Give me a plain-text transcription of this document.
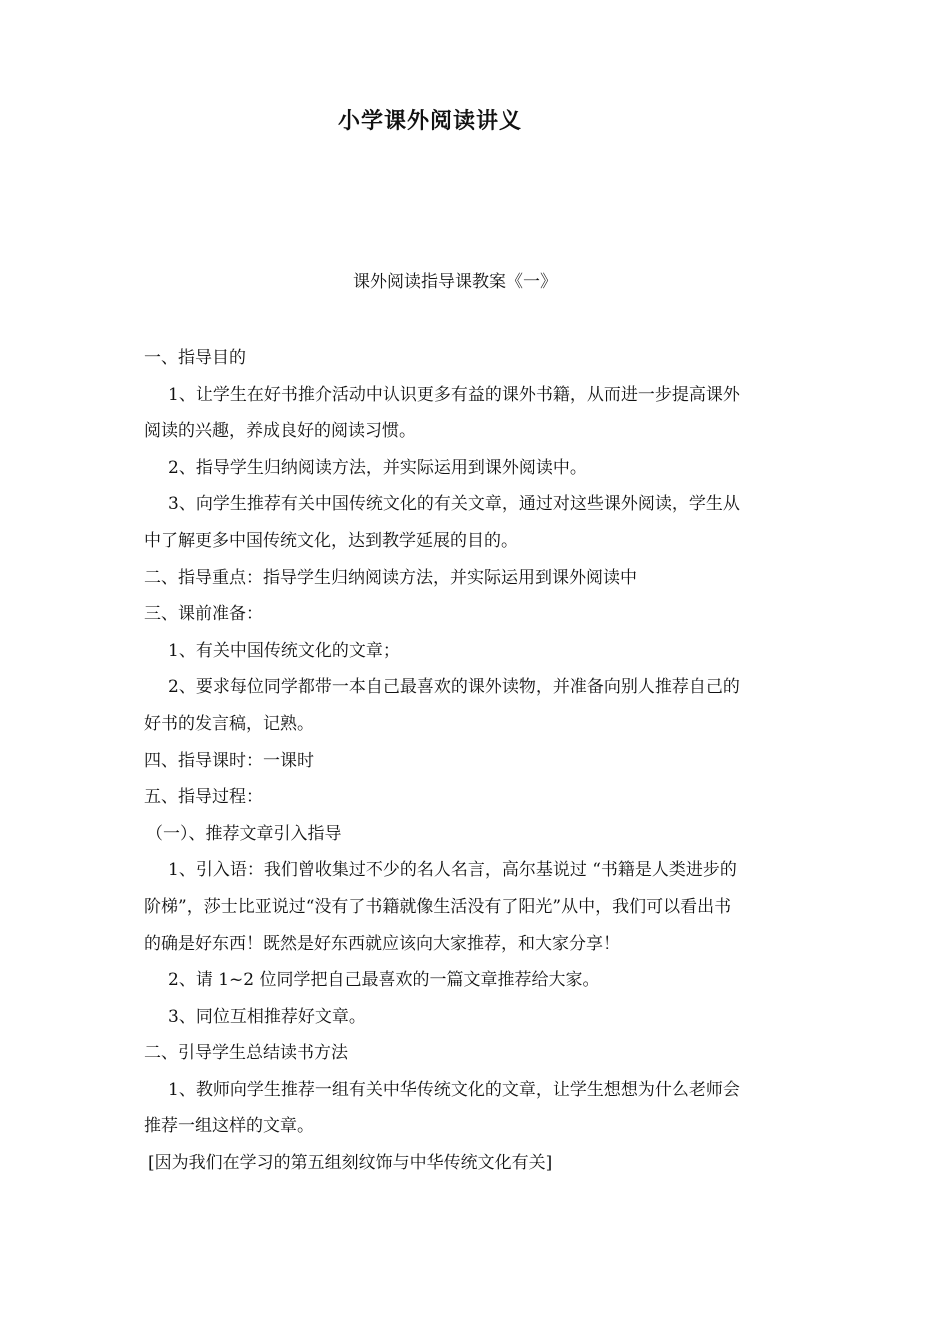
小学课外阅读讲义

课外阅读指导课教案《一》

一、指导目的
1、让学生在好书推介活动中认识更多有益的课外书籍，从而进一步提高课外
阅读的兴趣，养成良好的阅读习惯。
2、指导学生归纳阅读方法，并实际运用到课外阅读中。
3、向学生推荐有关中国传统文化的有关文章，通过对这些课外阅读，学生从
中了解更多中国传统文化，达到教学延展的目的。
二、指导重点：指导学生归纳阅读方法，并实际运用到课外阅读中
三、课前准备：
1、有关中国传统文化的文章；
2、要求每位同学都带一本自己最喜欢的课外读物，并准备向别人推荐自己的
好书的发言稿，记熟。
四、指导课时：一课时
五、指导过程：
（一）、推荐文章引入指导
1、引入语：我们曾收集过不少的名人名言，高尔基说过 “书籍是人类进步的
阶梯”，莎士比亚说过“没有了书籍就像生活没有了阳光”从中，我们可以看出书
的确是好东西！既然是好东西就应该向大家推荐，和大家分享！
2、请 1~2 位同学把自己最喜欢的一篇文章推荐给大家。
3、同位互相推荐好文章。
二、引导学生总结读书方法
1、教师向学生推荐一组有关中华传统文化的文章，让学生想想为什么老师会
推荐一组这样的文章。
[因为我们在学习的第五组刻纹饰与中华传统文化有关]
